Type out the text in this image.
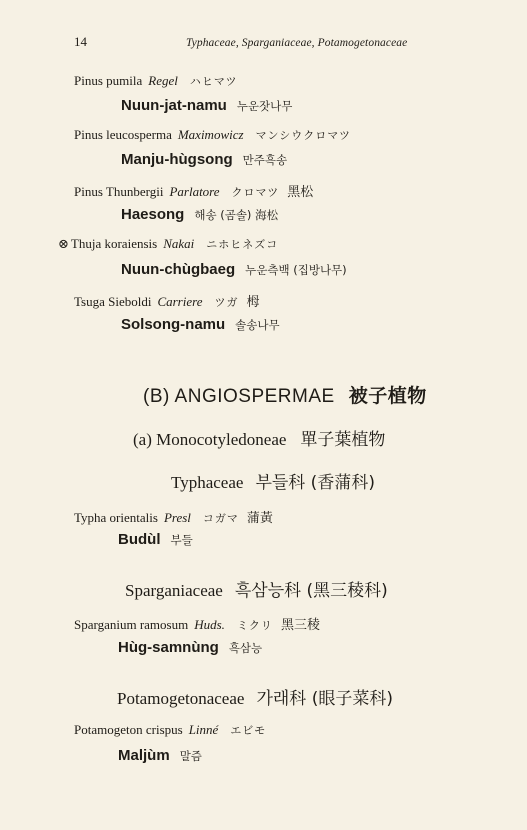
14	Typhaceae, Sparganiaceae, Potamogetonaceae
Pinus pumila Regel ハヒマツ
Nuun-jat-namu 누운잣나무
Pinus leucosperma Maximowicz マンシウクロマツ
Manju-hùgsong 만주흑송
Pinus Thunbergii Parlatore クロマツ 黑松
Haesong 해송 (곰솔) 海松
⊗ Thuja koraiensis Nakai ニホヒネズコ
Nuun-chùgbaeg 누운측백 (집방나무)
Tsuga Sieboldi Carriere ツガ 栂
Solsong-namu 솔송나무
(B) ANGIOSPERMAE 被子植物
(a) Monocotyledoneae 單子葉植物
Typhaceae 부들科 (香蒲科)
Typha orientalis Presl コガマ 蒲黃
Budùl 부들
Sparganiaceae 흑삼능科 (黑三稜科)
Sparganium ramosum Huds. ミクリ 黑三稜
Hùg-samnùng 흑삼능
Potamogetonaceae 가래科 (眼子菜科)
Potamogeton crispus Linné エビモ
Maljùm 말즘
